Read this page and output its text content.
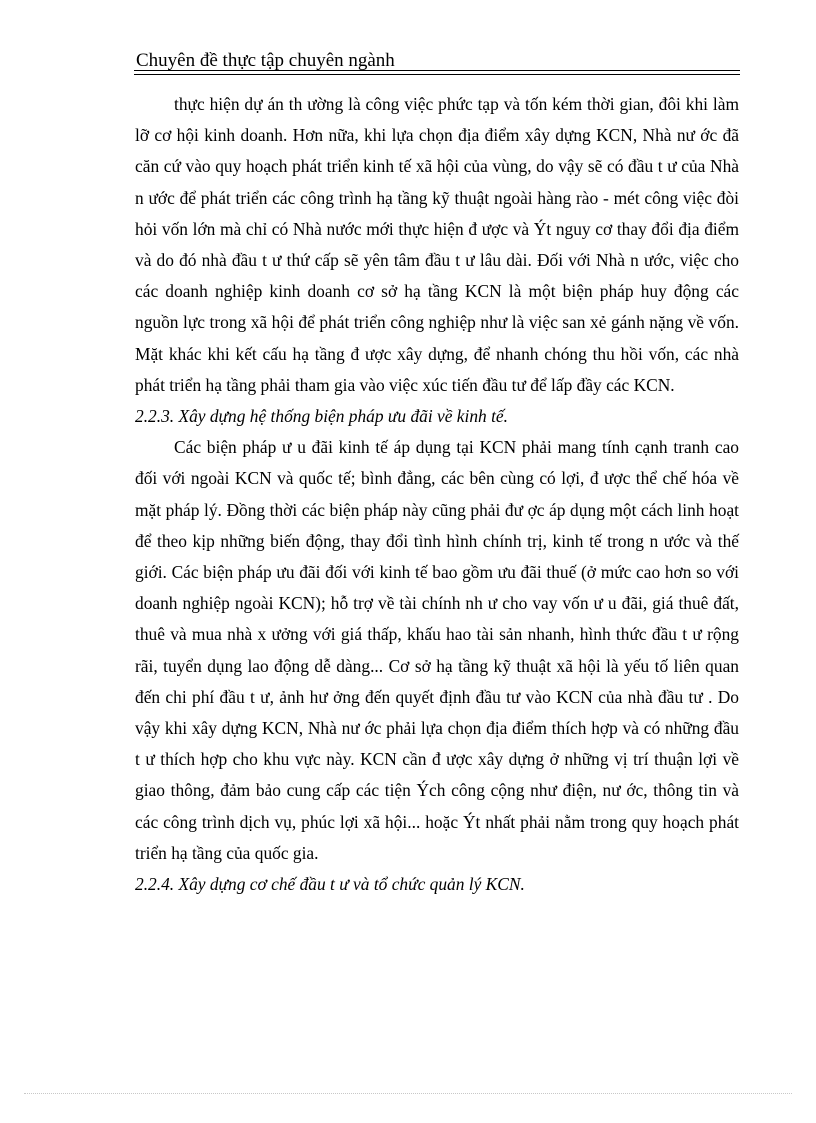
Chuyên đề thực tập chuyên ngành

thực hiện dự án th ường là công việc phức tạp và tốn kém thời gian, đôi khi làm lỡ cơ hội kinh doanh. Hơn nữa, khi lựa chọn địa điểm xây dựng KCN, Nhà nư ớc đã căn cứ vào quy hoạch phát triển kinh tế xã hội của vùng, do vậy sẽ có đầu t ư của Nhà n ước để phát triển các công trình hạ tầng kỹ thuật ngoài hàng rào - mét công việc đòi hỏi vốn lớn mà chỉ có Nhà nước mới thực hiện đ ược và Ýt nguy cơ thay đổi địa điểm và do đó nhà đầu t ư thứ cấp sẽ yên tâm đầu t ư lâu dài. Đối với Nhà n ước, việc cho các doanh nghiệp kinh doanh cơ sở hạ tầng KCN là một biện pháp huy động các nguồn lực trong xã hội để phát triển công nghiệp như là việc san xẻ gánh nặng về vốn. Mặt khác khi kết cấu hạ tầng đ ược xây dựng, để nhanh chóng thu hồi vốn, các nhà phát triển hạ tầng phải tham gia vào việc xúc tiến đầu tư để lấp đầy các KCN.

2.2.3. Xây dựng hệ thống biện pháp ưu đãi về kinh tế.

Các biện pháp ư u đãi kinh tế áp dụng tại KCN phải mang tính cạnh tranh cao đối với ngoài KCN và quốc tế; bình đẳng, các bên cùng có lợi, đ ược thể chế hóa về mặt pháp lý. Đồng thời các biện pháp này cũng phải đư ợc áp dụng một cách linh hoạt để theo kịp những biến động, thay đổi tình hình chính trị, kinh tế trong n ước và thế giới. Các biện pháp ưu đãi đối với kinh tế bao gồm ưu đãi thuế (ở mức cao hơn so với doanh nghiệp ngoài KCN); hỗ trợ về tài chính nh ư cho vay vốn ư u đãi, giá thuê đất, thuê và mua nhà x ưởng với giá thấp, khấu hao tài sản nhanh, hình thức đầu t ư rộng rãi, tuyển dụng lao động dễ dàng... Cơ sở hạ tầng kỹ thuật xã hội là yếu tố liên quan đến chi phí đầu t ư, ảnh hư ởng đến quyết định đầu tư vào KCN của nhà đầu tư . Do vậy khi xây dựng KCN, Nhà nư ớc phải lựa chọn địa điểm thích hợp và có những đầu t ư thích hợp cho khu vực này. KCN cần đ ược xây dựng ở những vị trí thuận lợi về giao thông, đảm bảo cung cấp các tiện Ých công cộng như điện, nư ớc, thông tin và các công trình dịch vụ, phúc lợi xã hội... hoặc Ýt nhất phải nằm trong quy hoạch phát triển hạ tầng của quốc gia.

2.2.4. Xây dựng cơ chế đầu t ư và tổ chức quản lý KCN.
